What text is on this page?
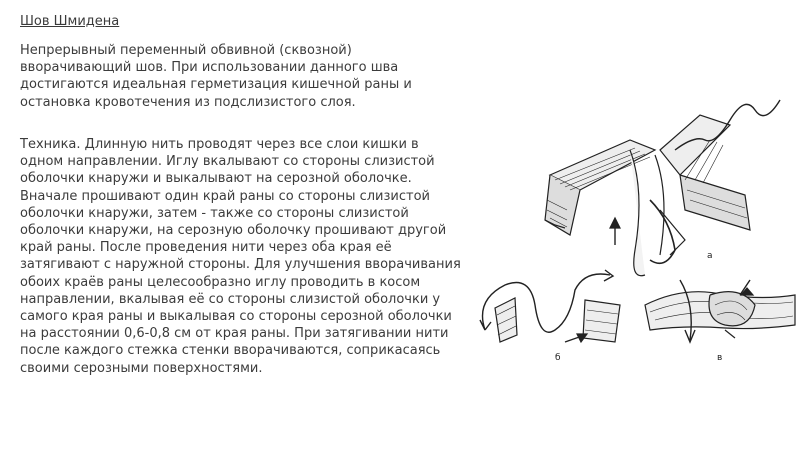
Шов Шмидена

Непрерывный переменный обвивной (сквозной)
вворачивающий шов. При использовании данного шва
достигаются идеальная герметизация кишечной раны и
остановка кровотечения из подслизистого слоя.

Техника. Длинную нить проводят через все слои кишки в
одном направлении. Иглу вкалывают со стороны слизистой
оболочки кнаружи и выкалывают на серозной оболочке.
Вначале прошивают один край раны со стороны слизистой
оболочки кнаружи, затем - также со стороны слизистой
оболочки кнаружи, на серозную оболочку прошивают другой
край раны. После проведения нити через оба края её
затягивают с наружной стороны. Для улучшения вворачивания
обоих краёв раны целесообразно иглу проводить в косом
направлении, вкалывая её со стороны слизистой оболочки у
самого края раны и выкалывая со стороны серозной оболочки
на расстоянии 0,6-0,8 см от края раны. При затягивании нити
после каждого стежка стенки вворачиваются, соприкасаясь
своими серозными поверхностями.

а
б	в
